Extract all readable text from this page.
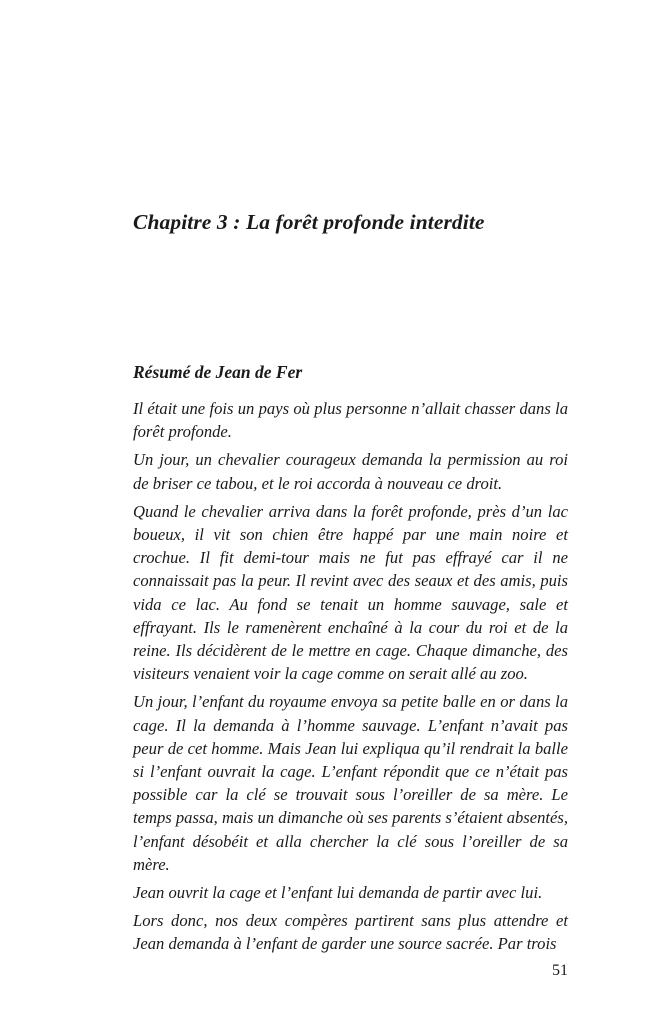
Chapitre 3 : La forêt profonde interdite
Résumé de Jean de Fer

Il était une fois un pays où plus personne n’allait chasser dans la forêt profonde.

Un jour, un chevalier courageux demanda la permission au roi de briser ce tabou, et le roi accorda à nouveau ce droit.

Quand le chevalier arriva dans la forêt profonde, près d’un lac boueux, il vit son chien être happé par une main noire et crochue. Il fit demi-tour mais ne fut pas effrayé car il ne connaissait pas la peur. Il revint avec des seaux et des amis, puis vida ce lac. Au fond se tenait un homme sauvage, sale et effrayant. Ils le ramenèrent enchaîné à la cour du roi et de la reine. Ils décidèrent de le mettre en cage. Chaque dimanche, des visiteurs venaient voir la cage comme on serait allé au zoo.

Un jour, l’enfant du royaume envoya sa petite balle en or dans la cage. Il la demanda à l’homme sauvage. L’enfant n’avait pas peur de cet homme. Mais Jean lui expliqua qu’il rendrait la balle si l’enfant ouvrait la cage. L’enfant répondit que ce n’était pas possible car la clé se trouvait sous l’oreiller de sa mère. Le temps passa, mais un dimanche où ses parents s’étaient absentés, l’enfant désobéit et alla chercher la clé sous l’oreiller de sa mère.

Jean ouvrit la cage et l’enfant lui demanda de partir avec lui.

Lors donc, nos deux compères partirent sans plus attendre et Jean demanda à l’enfant de garder une source sacrée. Par trois

51
